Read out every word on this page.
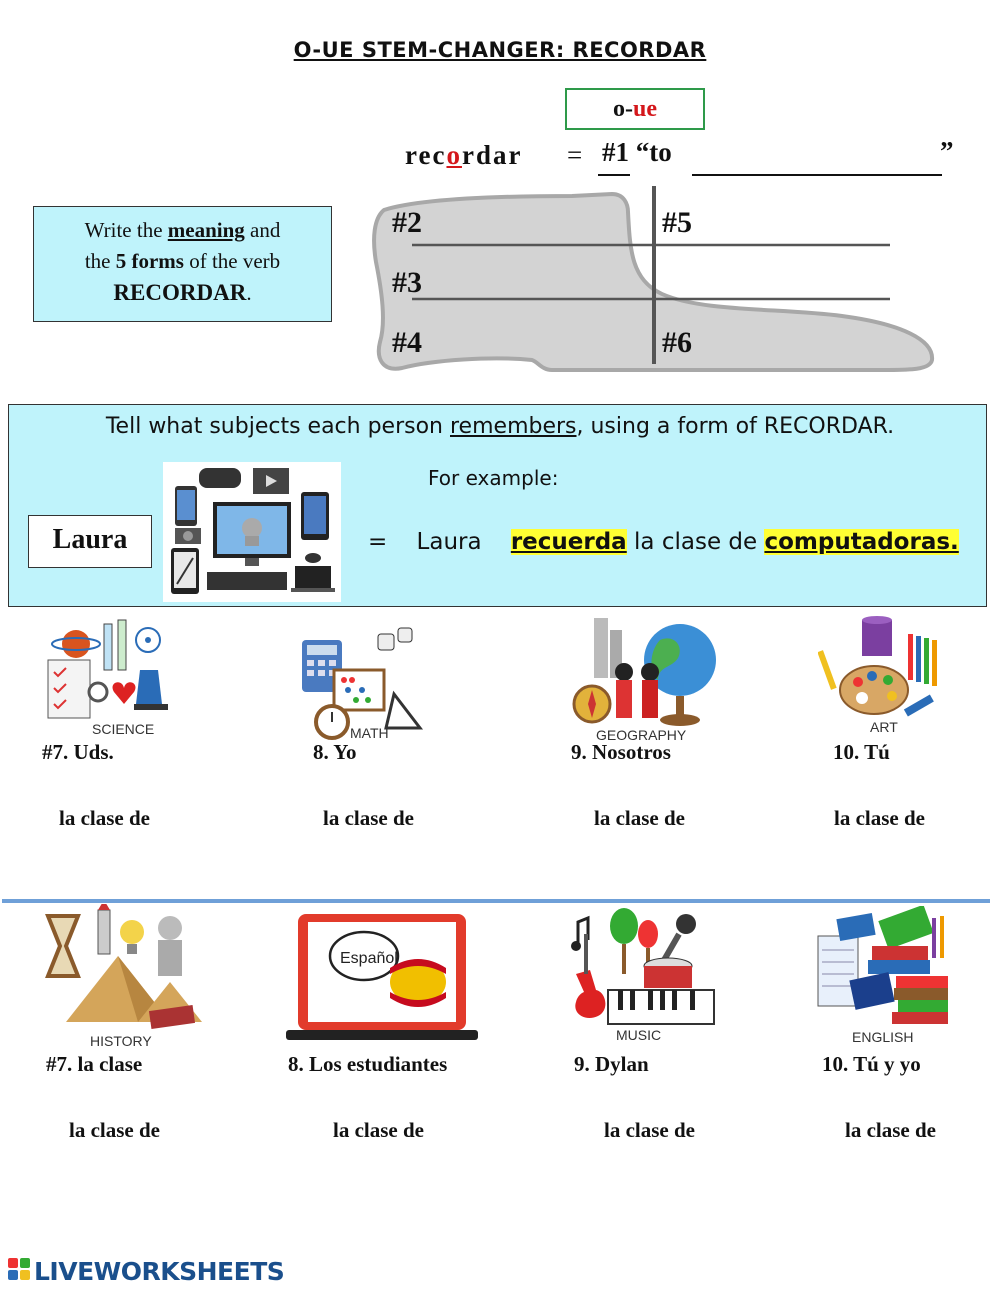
O-UE STEM-CHANGER: RECORDAR
o-ue
recordar = #1 “to	”
Write the meaning and
the 5 forms of the verb
RECORDAR.
#2
#3
#4
#5
#6
Tell what subjects each person remembers, using a form of RECORDAR.
For example:
Laura	= Laura recuerda la clase de computadoras.
SCIENCE	MATH	GEOGRAPHY	ART
#7. Uds.	8. Yo	9. Nosotros	10. Tú
la clase de	la clase de	la clase de	la clase de
HISTORY
Español
MUSIC	ENGLISH
#7. la clase	8. Los estudiantes	9. Dylan	10. Tú y yo
la clase de	la clase de	la clase de	la clase de
LIVEWORKSHEETS
